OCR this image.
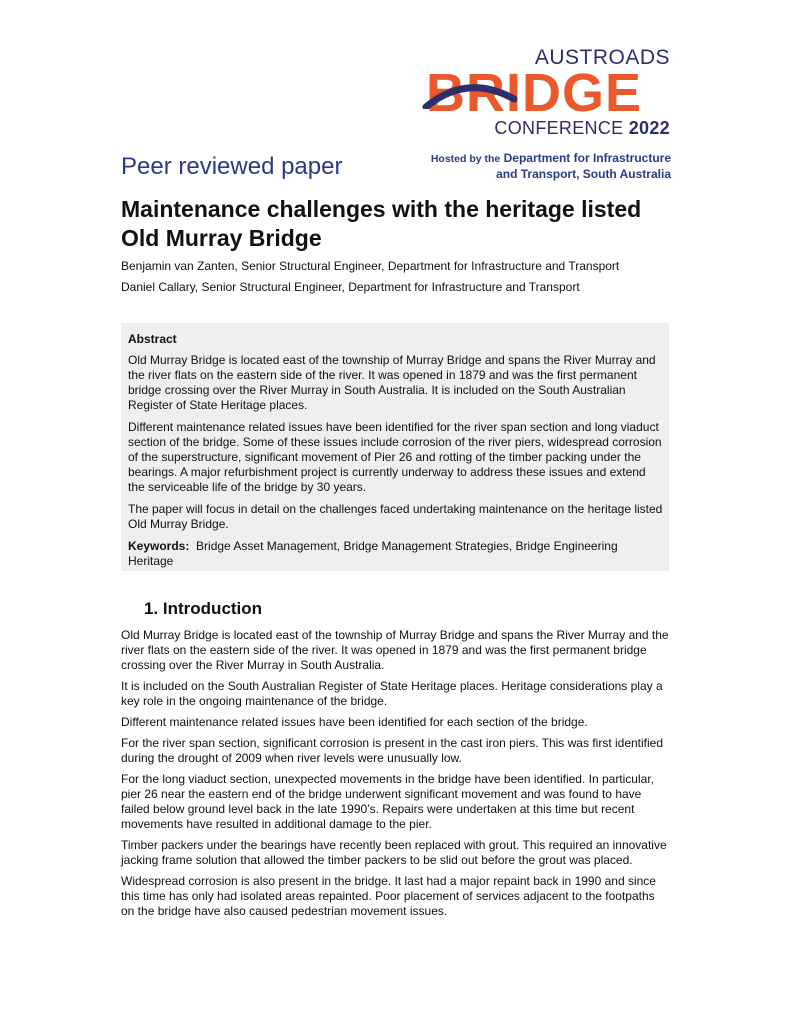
AUSTROADS
BRIDGE
CONFERENCE 2022
Peer reviewed paper	Hosted by the Department for Infrastructure
and Transport, South Australia
Maintenance challenges with the heritage listed Old Murray Bridge
Benjamin van Zanten, Senior Structural Engineer, Department for Infrastructure and Transport
Daniel Callary, Senior Structural Engineer, Department for Infrastructure and Transport
Abstract

Old Murray Bridge is located east of the township of Murray Bridge and spans the River Murray and the river flats on the eastern side of the river. It was opened in 1879 and was the first permanent bridge crossing over the River Murray in South Australia. It is included on the South Australian Register of State Heritage places.

Different maintenance related issues have been identified for the river span section and long viaduct section of the bridge. Some of these issues include corrosion of the river piers, widespread corrosion of the superstructure, significant movement of Pier 26 and rotting of the timber packing under the bearings. A major refurbishment project is currently underway to address these issues and extend the serviceable life of the bridge by 30 years.

The paper will focus in detail on the challenges faced undertaking maintenance on the heritage listed Old Murray Bridge.

Keywords: Bridge Asset Management, Bridge Management Strategies, Bridge Engineering Heritage

1. Introduction

Old Murray Bridge is located east of the township of Murray Bridge and spans the River Murray and the river flats on the eastern side of the river. It was opened in 1879 and was the first permanent bridge crossing over the River Murray in South Australia.

It is included on the South Australian Register of State Heritage places. Heritage considerations play a key role in the ongoing maintenance of the bridge.

Different maintenance related issues have been identified for each section of the bridge.

For the river span section, significant corrosion is present in the cast iron piers. This was first identified during the drought of 2009 when river levels were unusually low.

For the long viaduct section, unexpected movements in the bridge have been identified. In particular, pier 26 near the eastern end of the bridge underwent significant movement and was found to have failed below ground level back in the late 1990’s. Repairs were undertaken at this time but recent movements have resulted in additional damage to the pier.

Timber packers under the bearings have recently been replaced with grout. This required an innovative jacking frame solution that allowed the timber packers to be slid out before the grout was placed.

Widespread corrosion is also present in the bridge. It last had a major repaint back in 1990 and since this time has only had isolated areas repainted. Poor placement of services adjacent to the footpaths on the bridge have also caused pedestrian movement issues.
